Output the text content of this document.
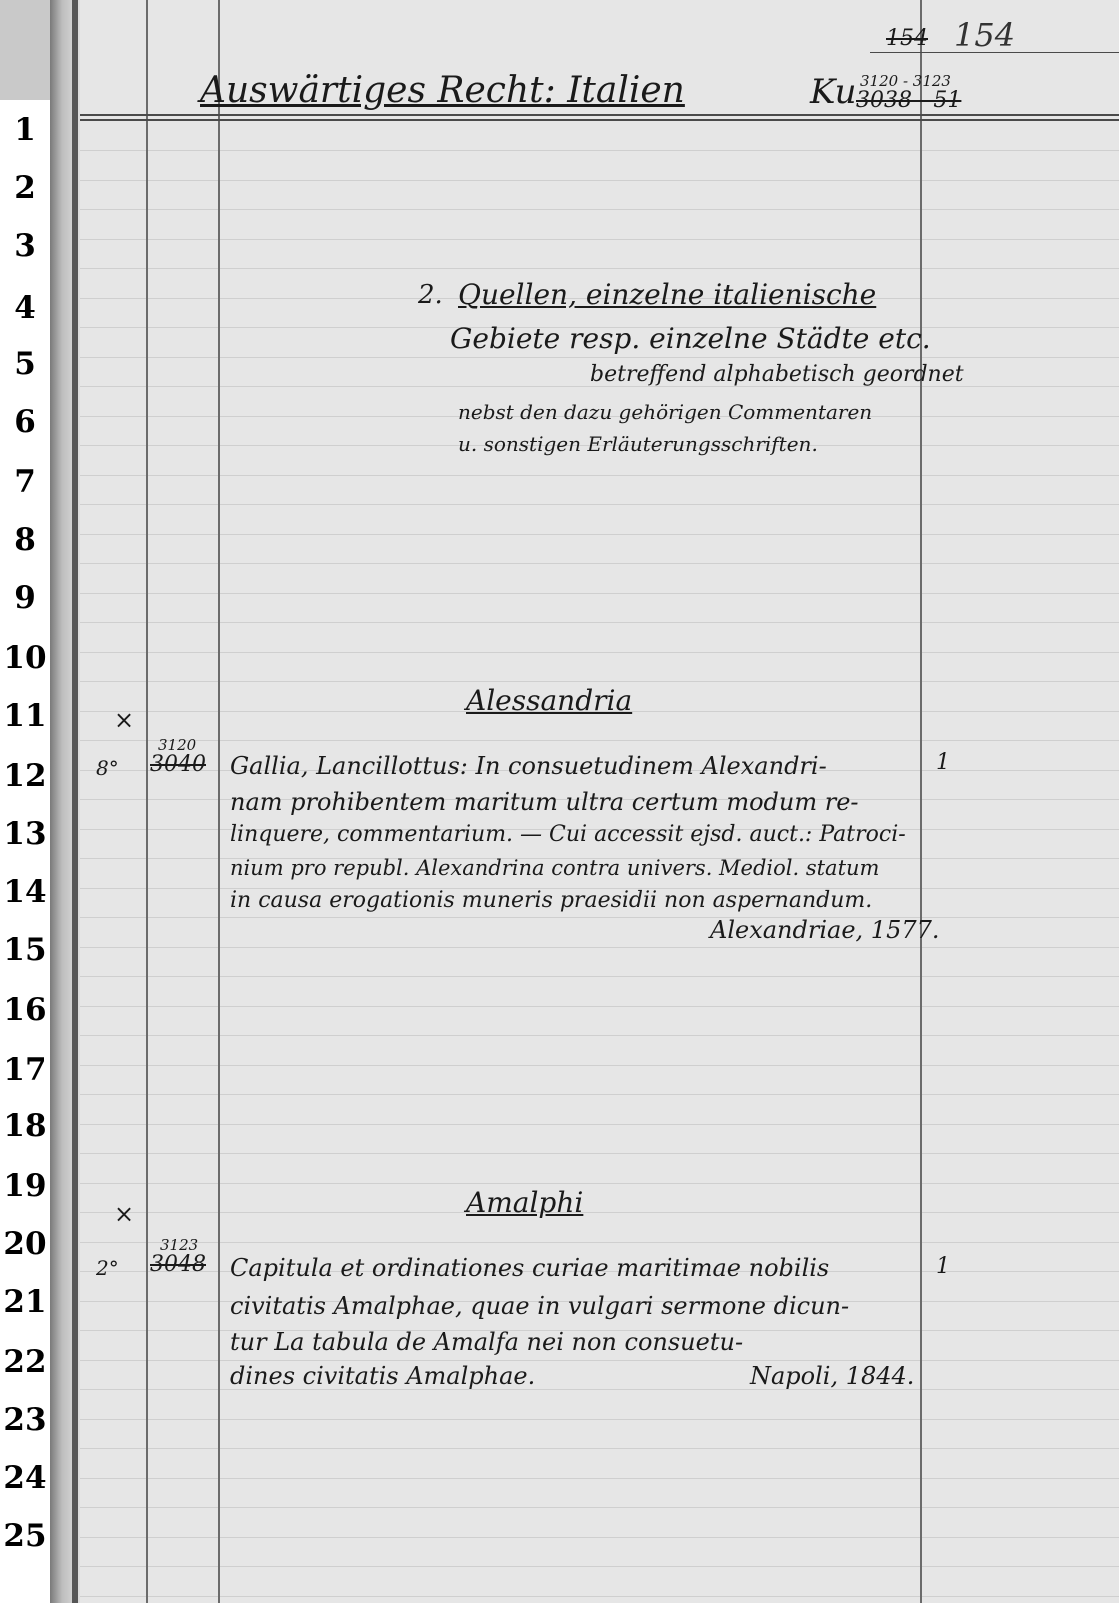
1
2
3
4
5
6
7
8
9
10
11
12
13
14
15
16
17
18
19
20
21
22
23
24
25
154 154
Auswärtiges Recht: Italien	Ku 3120 - 3123
3038 - 51
2. Quellen, einzelne italienische
Gebiete resp. einzelne Städte etc.
betreffend alphabetisch geordnet
nebst den dazu gehörigen Commentaren
u. sonstigen Erläuterungsschriften.
Alessandria
×
8°
3120
3040	1
Gallia, Lancillottus: In consuetudinem Alexandri-
nam prohibentem maritum ultra certum modum re-
linquere, commentarium. — Cui accessit ejsd. auct.: Patroci-
nium pro republ. Alexandrina contra univers. Mediol. statum
in causa erogationis muneris praesidii non aspernandum.
Alexandriae, 1577.
Amalphi
×
2°
3123
3048	1
Capitula et ordinationes curiae maritimae nobilis
civitatis Amalphae, quae in vulgari sermone dicun-
tur La tabula de Amalfa nei non consuetu-
dines civitatis Amalphae.	Napoli, 1844.
